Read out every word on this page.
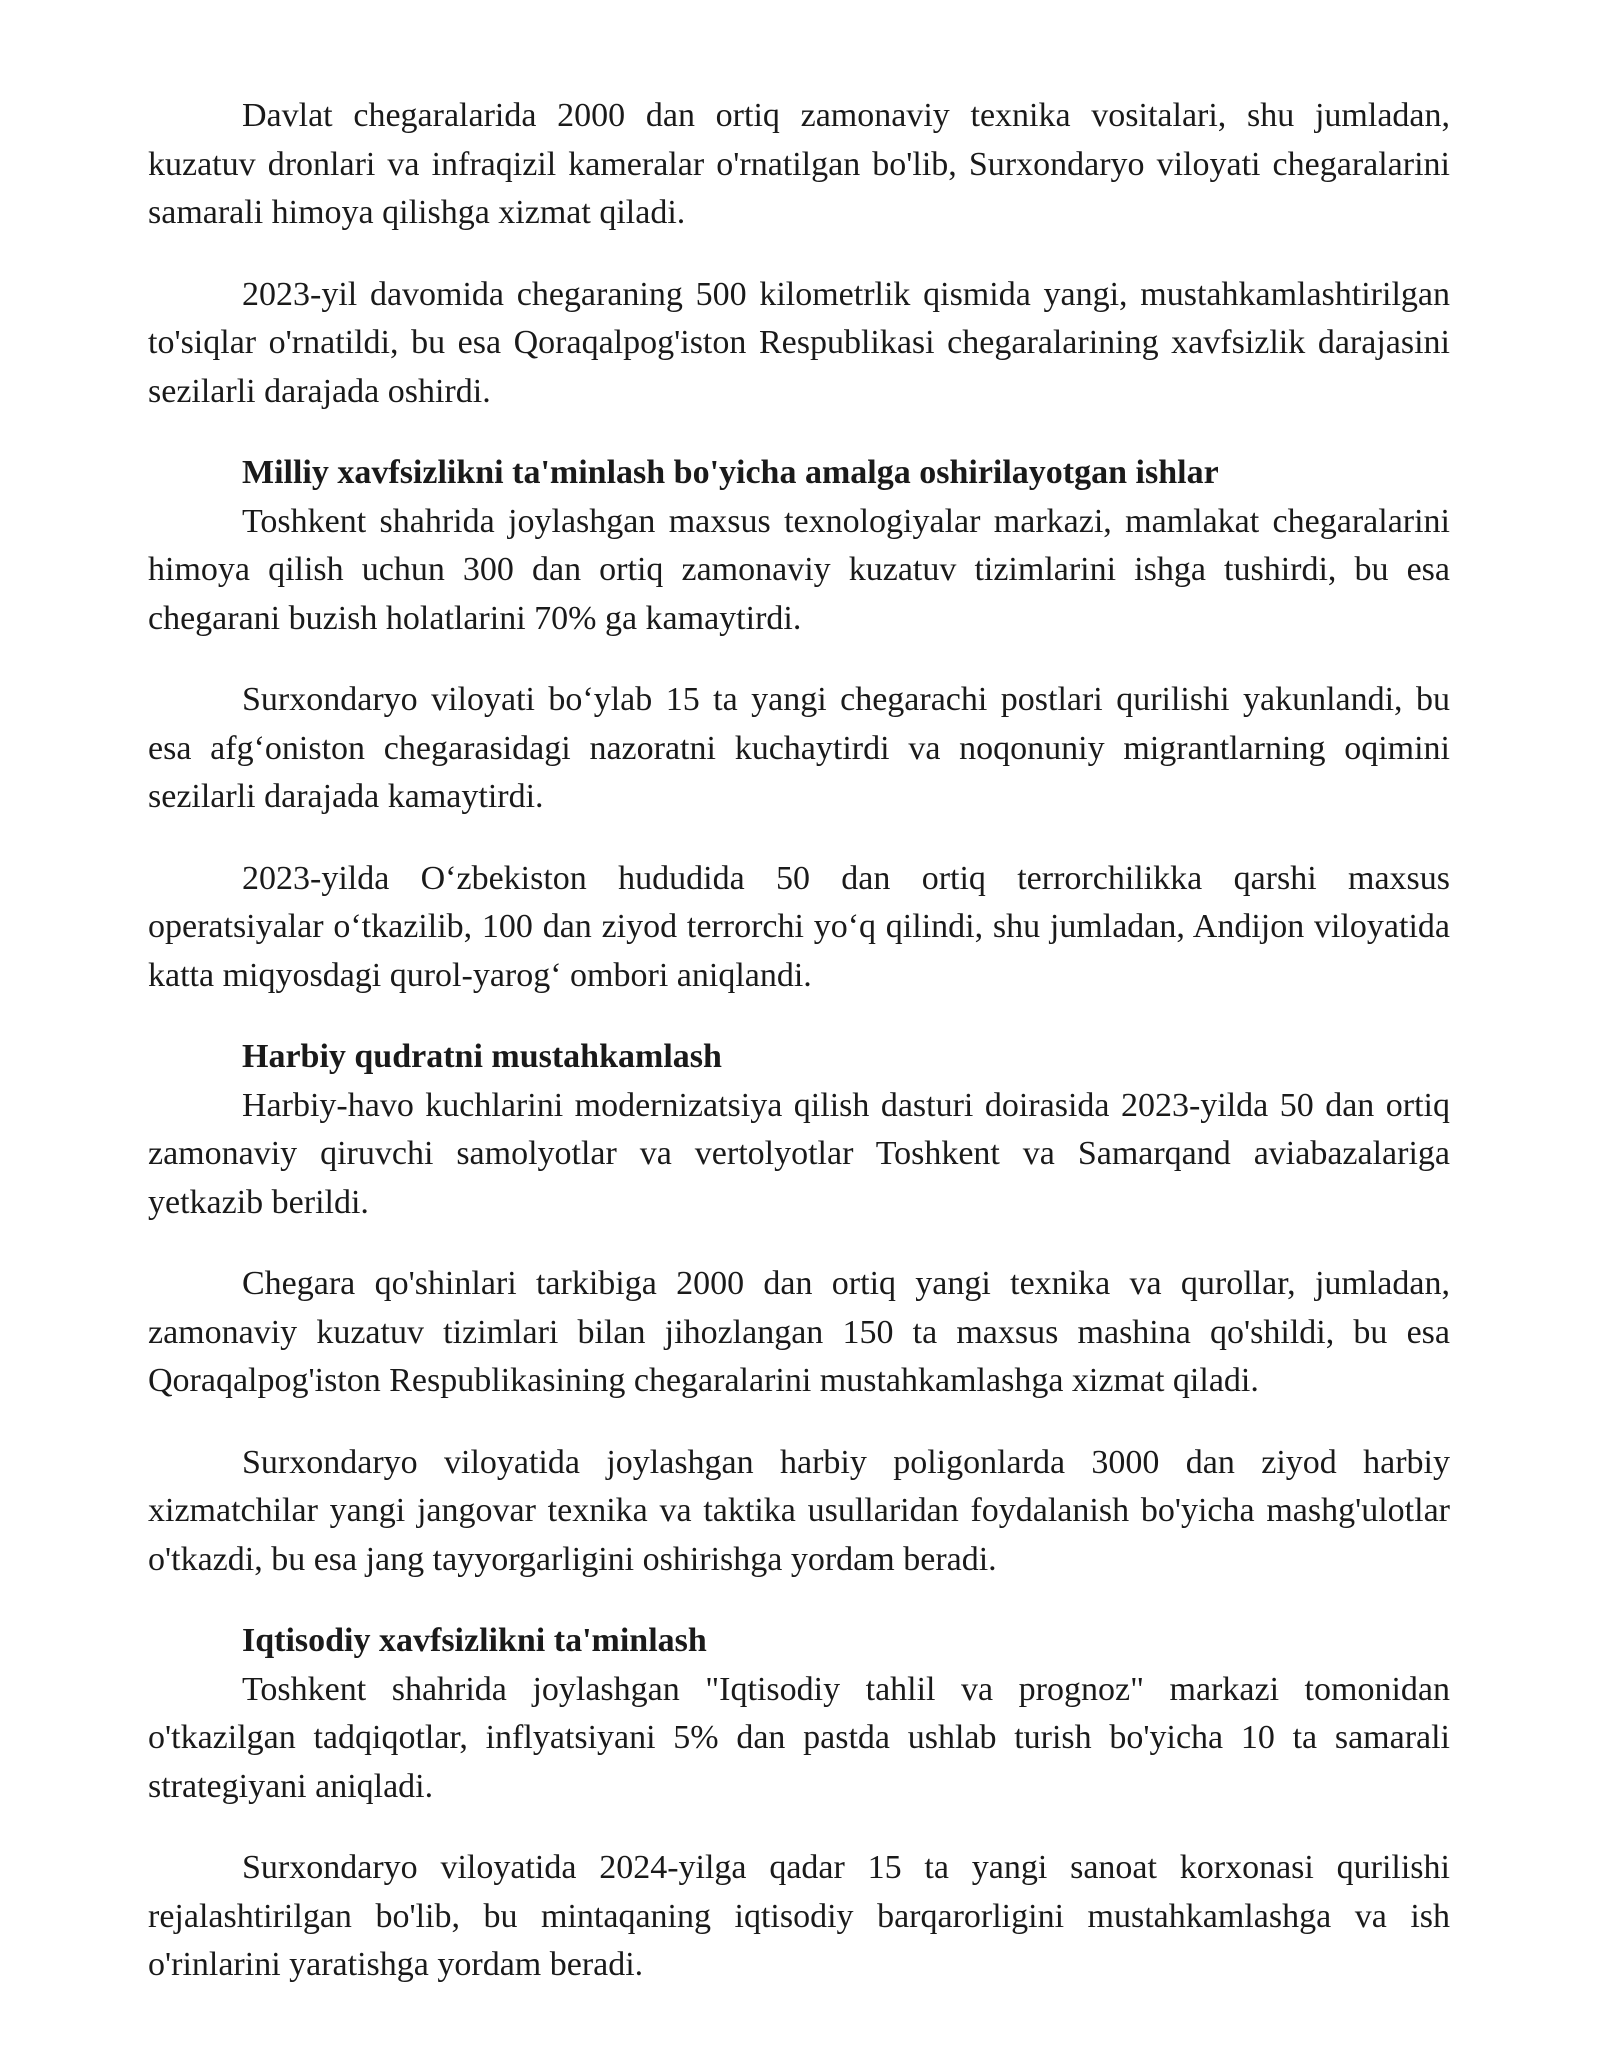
Davlat chegaralarida 2000 dan ortiq zamonaviy texnika vositalari, shu jumladan, kuzatuv dronlari va infraqizil kameralar o'rnatilgan bo'lib, Surxondaryo viloyati chegaralarini samarali himoya qilishga xizmat qiladi.

2023-yil davomida chegaraning 500 kilometrlik qismida yangi, mustahkamlashtirilgan to'siqlar o'rnatildi, bu esa Qoraqalpog'iston Respublikasi chegaralarining xavfsizlik darajasini sezilarli darajada oshirdi.

Milliy xavfsizlikni ta'minlash bo'yicha amalga oshirilayotgan ishlar

Toshkent shahrida joylashgan maxsus texnologiyalar markazi, mamlakat chegaralarini himoya qilish uchun 300 dan ortiq zamonaviy kuzatuv tizimlarini ishga tushirdi, bu esa chegarani buzish holatlarini 70% ga kamaytirdi.

Surxondaryo viloyati bo‘ylab 15 ta yangi chegarachi postlari qurilishi yakunlandi, bu esa afg‘oniston chegarasidagi nazoratni kuchaytirdi va noqonuniy migrantlarning oqimini sezilarli darajada kamaytirdi.

2023-yilda O‘zbekiston hududida 50 dan ortiq terrorchilikka qarshi maxsus operatsiyalar o‘tkazilib, 100 dan ziyod terrorchi yo‘q qilindi, shu jumladan, Andijon viloyatida katta miqyosdagi qurol-yarog‘ ombori aniqlandi.

Harbiy qudratni mustahkamlash

Harbiy-havo kuchlarini modernizatsiya qilish dasturi doirasida 2023-yilda 50 dan ortiq zamonaviy qiruvchi samolyotlar va vertolyotlar Toshkent va Samarqand aviabazalariga yetkazib berildi.

Chegara qo'shinlari tarkibiga 2000 dan ortiq yangi texnika va qurollar, jumladan, zamonaviy kuzatuv tizimlari bilan jihozlangan 150 ta maxsus mashina qo'shildi, bu esa Qoraqalpog'iston Respublikasining chegaralarini mustahkamlashga xizmat qiladi.

Surxondaryo viloyatida joylashgan harbiy poligonlarda 3000 dan ziyod harbiy xizmatchilar yangi jangovar texnika va taktika usullaridan foydalanish bo'yicha mashg'ulotlar o'tkazdi, bu esa jang tayyorgarligini oshirishga yordam beradi.

Iqtisodiy xavfsizlikni ta'minlash

Toshkent shahrida joylashgan "Iqtisodiy tahlil va prognoz" markazi tomonidan o'tkazilgan tadqiqotlar, inflyatsiyani 5% dan pastda ushlab turish bo'yicha 10 ta samarali strategiyani aniqladi.

Surxondaryo viloyatida 2024-yilga qadar 15 ta yangi sanoat korxonasi qurilishi rejalashtirilgan bo'lib, bu mintaqaning iqtisodiy barqarorligini mustahkamlashga va ish o'rinlarini yaratishga yordam beradi.
